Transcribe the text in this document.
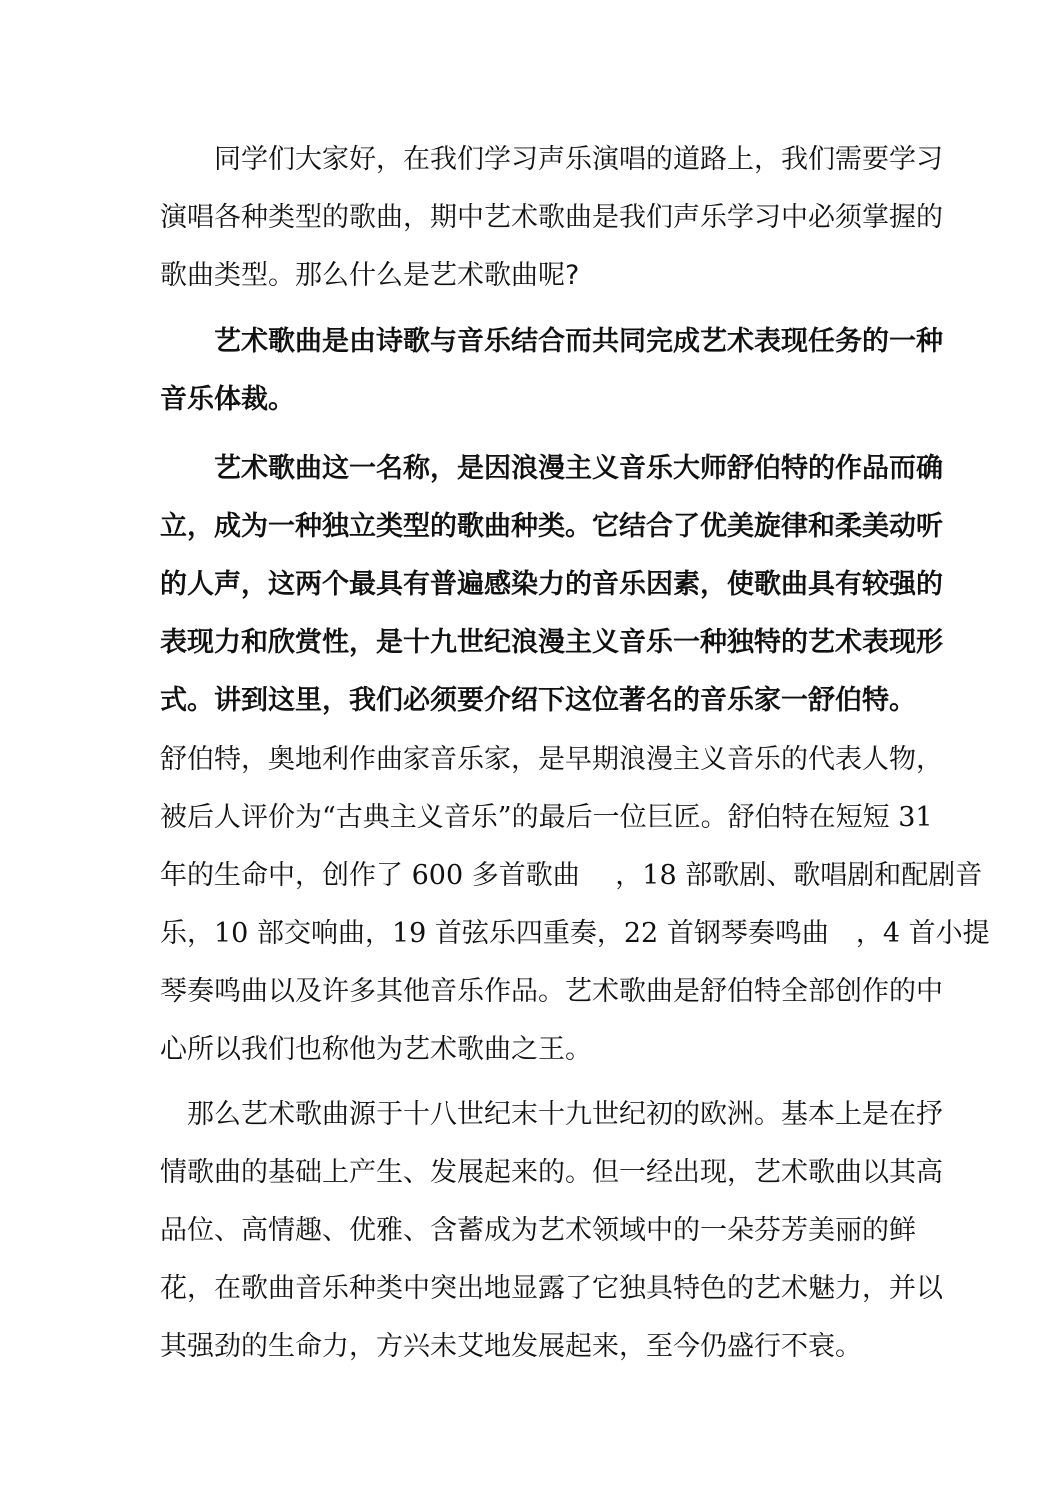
　　同学们大家好，在我们学习声乐演唱的道路上，我们需要学习
演唱各种类型的歌曲，期中艺术歌曲是我们声乐学习中必须掌握的
歌曲类型。那么什么是艺术歌曲呢?
　　艺术歌曲是由诗歌与音乐结合而共同完成艺术表现任务的一种
音乐体裁。
　　艺术歌曲这一名称，是因浪漫主义音乐大师舒伯特的作品而确
立，成为一种独立类型的歌曲种类。它结合了优美旋律和柔美动听
的人声，这两个最具有普遍感染力的音乐因素，使歌曲具有较强的
表现力和欣赏性，是十九世纪浪漫主义音乐一种独特的艺术表现形
式。讲到这里，我们必须要介绍下这位著名的音乐家一舒伯特。
舒伯特，奥地利作曲家音乐家，是早期浪漫主义音乐的代表人物，
被后人评价为“古典主义音乐”的最后一位巨匠。舒伯特在短短 31
年的生命中，创作了 600 多首歌曲　 ，18 部歌剧、歌唱剧和配剧音
乐，10 部交响曲，19 首弦乐四重奏，22 首钢琴奏鸣曲　，4 首小提
琴奏鸣曲以及许多其他音乐作品。艺术歌曲是舒伯特全部创作的中
心所以我们也称他为艺术歌曲之王。
　那么艺术歌曲源于十八世纪末十九世纪初的欧洲。基本上是在抒
情歌曲的基础上产生、发展起来的。但一经出现，艺术歌曲以其高
品位、高情趣、优雅、含蓄成为艺术领域中的一朵芬芳美丽的鲜
花，在歌曲音乐种类中突出地显露了它独具特色的艺术魅力，并以
其强劲的生命力，方兴未艾地发展起来，至今仍盛行不衰。
